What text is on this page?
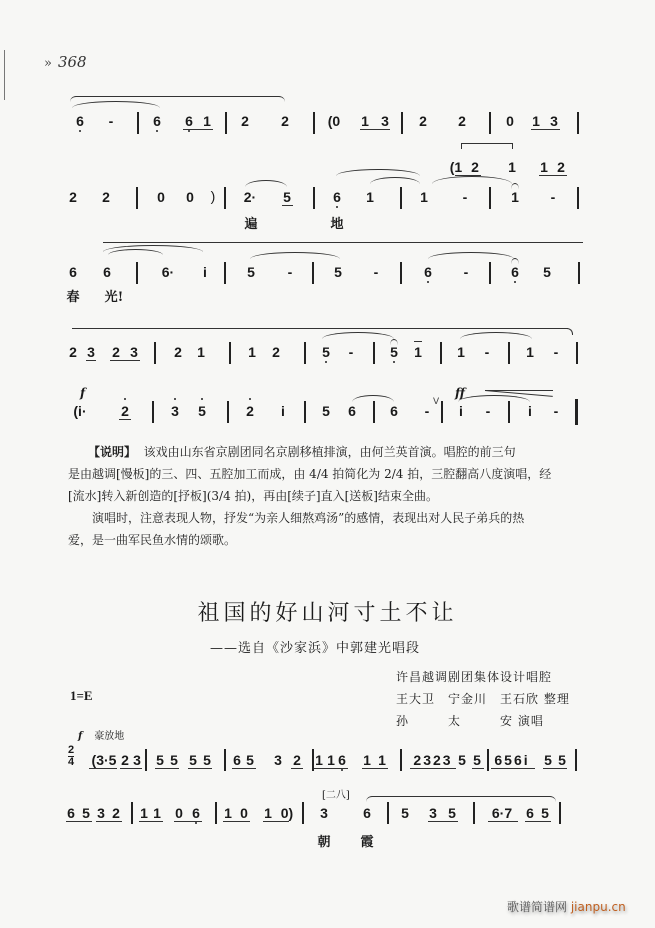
» 368
6 -	6 6 1 2 2	(0 1 3 2 2	0 1 3
(1 2 1 1 2
2 2	0 0 ) 2· 5	6 1	1 -	1 -
遍	地
6 6	6· i	5 -	5 -	6 -	6 5
春 光!
2 3 2 3	2 1	1 2	5 -	5 1	1 -	1 -
f	ff
(i· 2	3 5	2 i	5 6 6 -
V
i -	i -

【说明】 该戏由山东省京剧团同名京剧移植排演，由何兰英首演。唱腔的前三句

是由越调[慢板]的三、四、五腔加工而成，由 4/4 拍简化为 2/4 拍，三腔翻高八度演唱，经

[流水]转入新创造的[抒板](3/4 拍)，再由[续子]直入[送板]结束全曲。

演唱时，注意表现人物，抒发“为亲人细熬鸡汤”的感情，表现出对人民子弟兵的热

爱，是一曲军民鱼水情的颂歌。

祖国的好山河寸土不让
——选自《沙家浜》中郭建光唱段
许昌越调剧团集体设计唱腔
王大卫　宁金川　王石欣 整理
孙　　　太　　　安 演唱
1=E
f 豪放地
2
4 (3·5 2 3 5 5 5 5 6 5 3 2 1 1 6 1 1 2323 5 5 656i 5 5
[二八]
6 5 3 2 1 1 0 6 1 0 1 0) 3	6 5 3 5	6·7 6 5
朝 霞
歌谱简谱网 jianpu.cn
